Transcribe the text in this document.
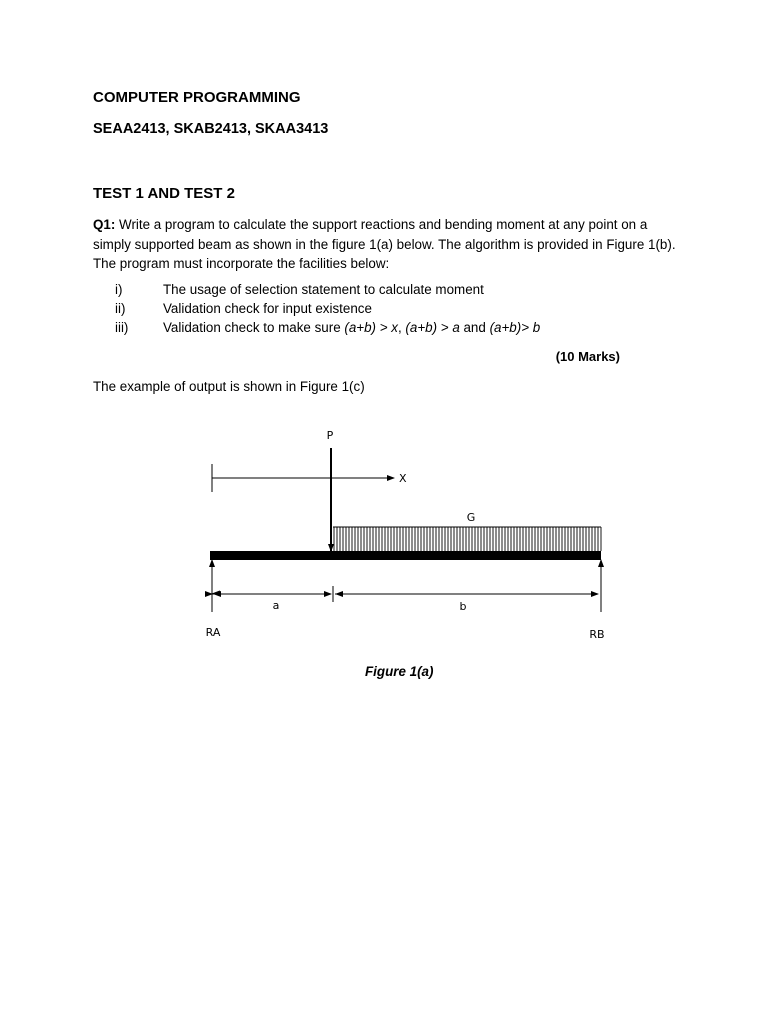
COMPUTER PROGRAMMING
SEAA2413, SKAB2413, SKAA3413
TEST 1 AND TEST 2
Q1: Write a program to calculate the support reactions and bending moment at any point on a simply supported beam as shown in the figure 1(a) below. The algorithm is provided in Figure 1(b). The program must incorporate the facilities below:
i)	The usage of selection statement to calculate moment
ii)	Validation check for input existence
iii)	Validation check to make sure (a+b) > x, (a+b) > a and (a+b)> b
(10 Marks)
The example of output is shown in Figure 1(c)
P
X
G
a	b
RA	RB
Figure 1(a)
